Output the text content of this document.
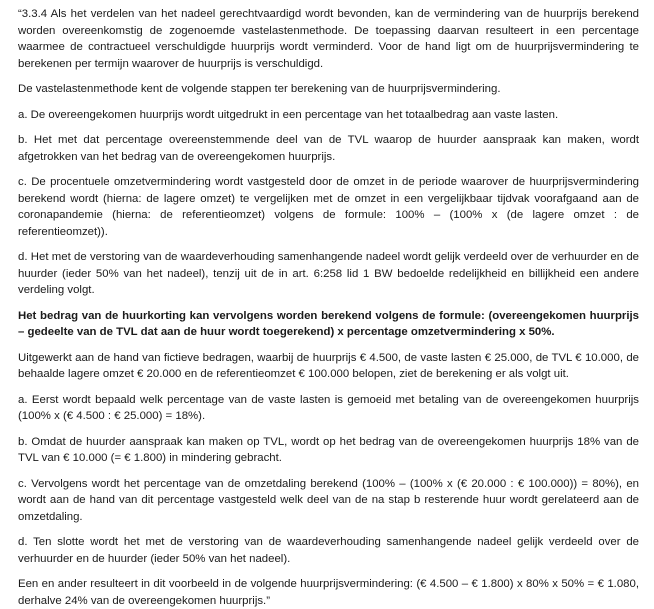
“3.3.4 Als het verdelen van het nadeel gerechtvaardigd wordt bevonden, kan de vermindering van de huurprijs berekend worden overeenkomstig de zogenoemde vastelastenmethode. De toepassing daarvan resulteert in een percentage waarmee de contractueel verschuldigde huurprijs wordt verminderd. Voor de hand ligt om de huurprijsvermindering te berekenen per termijn waarover de huurprijs is verschuldigd.

De vastelastenmethode kent de volgende stappen ter berekening van de huurprijsvermindering.

a. De overeengekomen huurprijs wordt uitgedrukt in een percentage van het totaalbedrag aan vaste lasten.

b. Het met dat percentage overeenstemmende deel van de TVL waarop de huurder aanspraak kan maken, wordt afgetrokken van het bedrag van de overeengekomen huurprijs.

c. De procentuele omzetvermindering wordt vastgesteld door de omzet in de periode waarover de huurprijsvermindering berekend wordt (hierna: de lagere omzet) te vergelijken met de omzet in een vergelijkbaar tijdvak voorafgaand aan de coronapandemie (hierna: de referentieomzet) volgens de formule: 100% – (100% x (de lagere omzet : de referentieomzet)).

d. Het met de verstoring van de waardeverhouding samenhangende nadeel wordt gelijk verdeeld over de verhuurder en de huurder (ieder 50% van het nadeel), tenzij uit de in art. 6:258 lid 1 BW bedoelde redelijkheid en billijkheid een andere verdeling volgt.

Het bedrag van de huurkorting kan vervolgens worden berekend volgens de formule: (overeengekomen huurprijs – gedeelte van de TVL dat aan de huur wordt toegerekend) x percentage omzetvermindering x 50%.

Uitgewerkt aan de hand van fictieve bedragen, waarbij de huurprijs € 4.500, de vaste lasten € 25.000, de TVL € 10.000, de behaalde lagere omzet € 20.000 en de referentieomzet € 100.000 belopen, ziet de berekening er als volgt uit.

a. Eerst wordt bepaald welk percentage van de vaste lasten is gemoeid met betaling van de overeengekomen huurprijs (100% x (€ 4.500 : € 25.000) = 18%).

b. Omdat de huurder aanspraak kan maken op TVL, wordt op het bedrag van de overeengekomen huurprijs 18% van de TVL van € 10.000 (= € 1.800) in mindering gebracht.

c. Vervolgens wordt het percentage van de omzetdaling berekend (100% – (100% x (€ 20.000 : € 100.000)) = 80%), en wordt aan de hand van dit percentage vastgesteld welk deel van de na stap b resterende huur wordt gerelateerd aan de omzetdaling.

d. Ten slotte wordt het met de verstoring van de waardeverhouding samenhangende nadeel gelijk verdeeld over de verhuurder en de huurder (ieder 50% van het nadeel).

Een en ander resulteert in dit voorbeeld in de volgende huurprijsvermindering: (€ 4.500 – € 1.800) x 80% x 50% = € 1.080, derhalve 24% van de overeengekomen huurprijs.”
